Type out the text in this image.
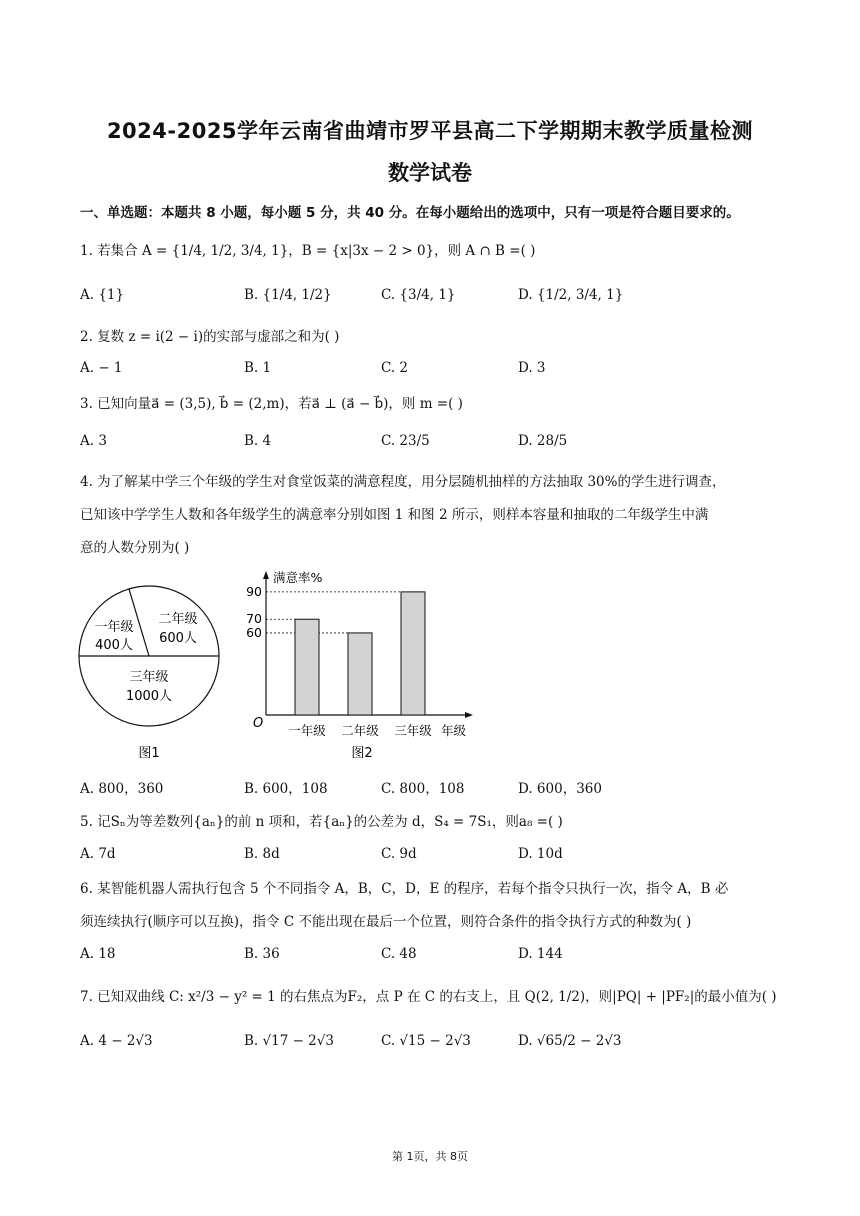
2024-2025学年云南省曲靖市罗平县高二下学期期末教学质量检测
数学试卷
一、单选题：本题共 8 小题，每小题 5 分，共 40 分。在每小题给出的选项中，只有一项是符合题目要求的。
1. 若集合 A = {1/4, 1/2, 3/4, 1}，B = {x|3x − 2 > 0}，则 A ∩ B =( )
A. {1}	B. {1/4, 1/2}	C. {3/4, 1}	D. {1/2, 3/4, 1}
2. 复数 z = i(2 − i)的实部与虚部之和为( )
A. − 1	B. 1	C. 2	D. 3
3. 已知向量a⃗ = (3,5), b⃗ = (2,m)，若a⃗ ⊥ (a⃗ − b⃗)，则 m =( )
A. 3	B. 4	C. 23/5	D. 28/5
4. 为了解某中学三个年级的学生对食堂饭菜的满意程度，用分层随机抽样的方法抽取 30%的学生进行调查，
已知该中学学生人数和各年级学生的满意率分别如图 1 和图 2 所示，则样本容量和抽取的二年级学生中满
意的人数分别为( )
一年级
400人
二年级
600人
三年级
1000人
图1
满意率%
年级
O
90
70
60
一年级 二年级 三年级
图2
A. 800，360	B. 600，108	C. 800，108	D. 600，360
5. 记Sₙ为等差数列{aₙ}的前 n 项和，若{aₙ}的公差为 d，S₄ = 7S₁，则a₈ =( )
A. 7d	B. 8d	C. 9d	D. 10d
6. 某智能机器人需执行包含 5 个不同指令 A，B，C，D，E 的程序，若每个指令只执行一次，指令 A，B 必
须连续执行(顺序可以互换)，指令 C 不能出现在最后一个位置，则符合条件的指令执行方式的种数为( )
A. 18	B. 36	C. 48	D. 144
7. 已知双曲线 C: x²/3 − y² = 1 的右焦点为F₂，点 P 在 C 的右支上，且 Q(2, 1/2)，则|PQ| + |PF₂|的最小值为( )
A. 4 − 2√3	B. √17 − 2√3	C. √15 − 2√3	D. √65/2 − 2√3
第 1页，共 8页
